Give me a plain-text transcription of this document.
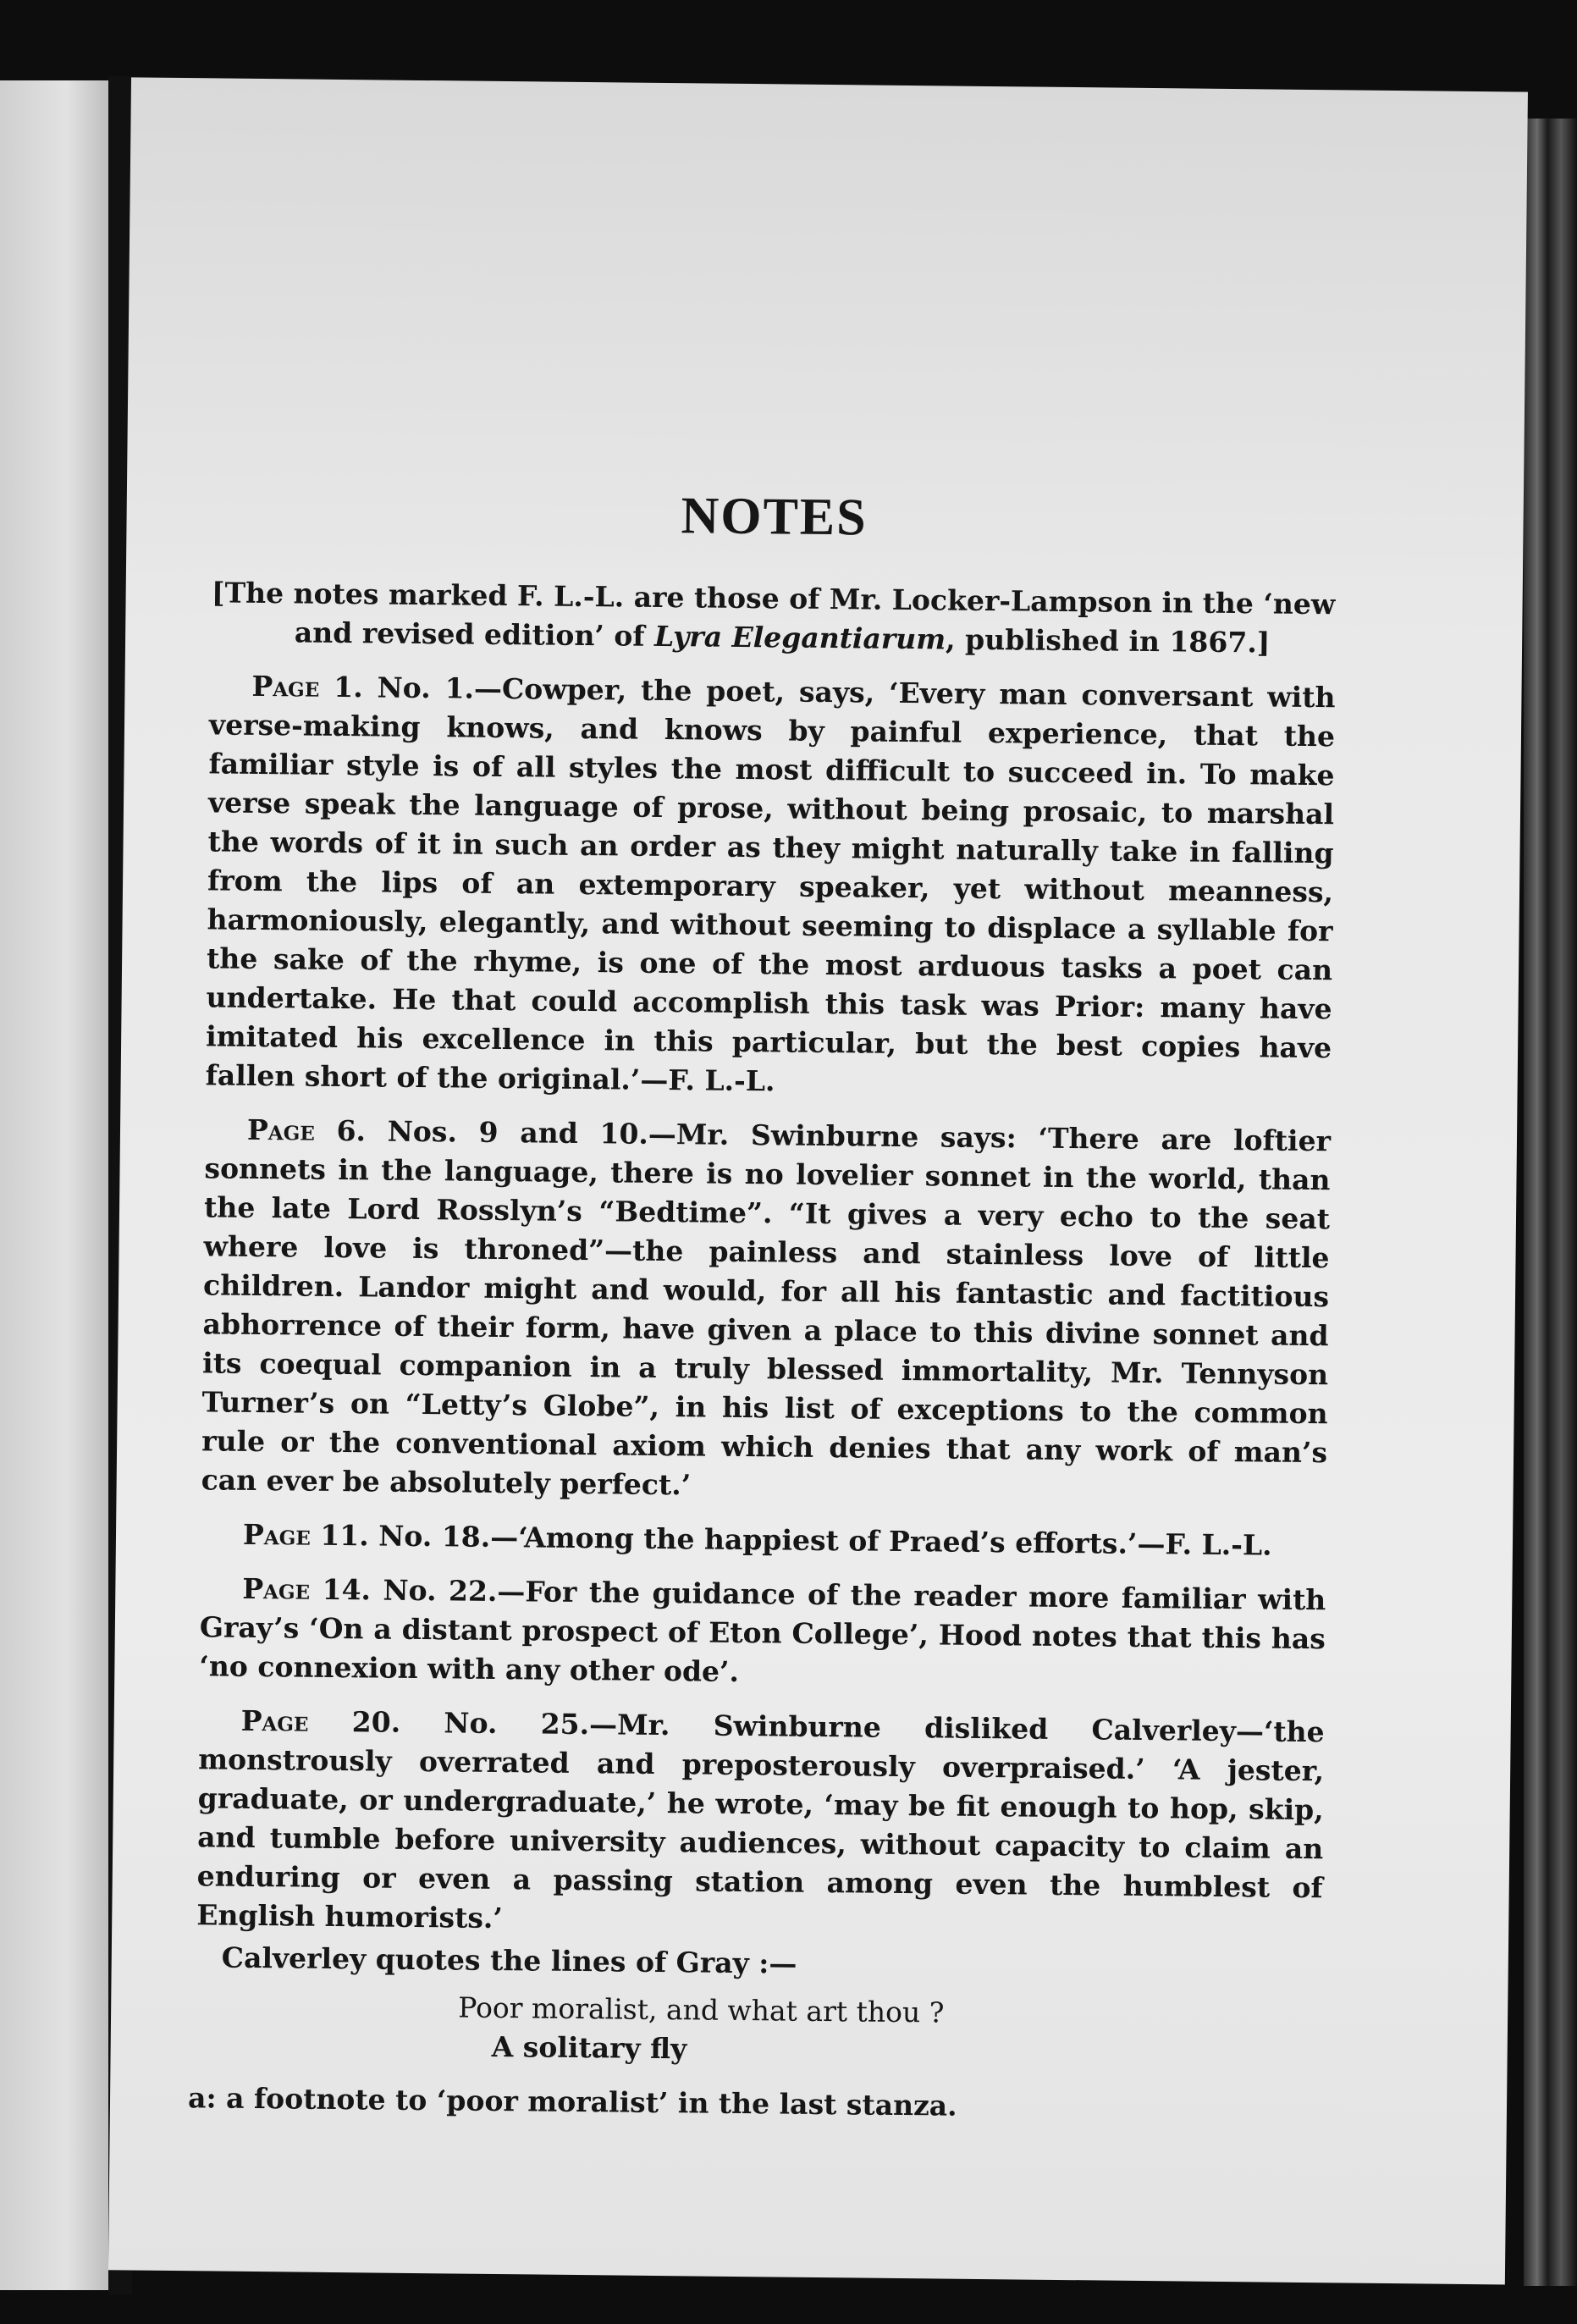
NOTES

[The notes marked F. L.-L. are those of Mr. Locker-Lampson in the ‘new and revised edition’ of Lyra Elegantiarum, published in 1867.]

Page 1. No. 1.—Cowper, the poet, says, ‘Every man conversant with verse-making knows, and knows by painful experience, that the familiar style is of all styles the most difficult to succeed in. To make verse speak the language of prose, without being prosaic, to marshal the words of it in such an order as they might naturally take in falling from the lips of an extemporary speaker, yet without meanness, harmoniously, elegantly, and without seeming to displace a syllable for the sake of the rhyme, is one of the most arduous tasks a poet can undertake. He that could accomplish this task was Prior: many have imitated his excellence in this particular, but the best copies have fallen short of the original.’—F. L.-L.

Page 6. Nos. 9 and 10.—Mr. Swinburne says: ‘There are loftier sonnets in the language, there is no lovelier sonnet in the world, than the late Lord Rosslyn’s “Bedtime”. “It gives a very echo to the seat where love is throned”—the painless and stainless love of little children. Landor might and would, for all his fantastic and factitious abhorrence of their form, have given a place to this divine sonnet and its coequal companion in a truly blessed immortality, Mr. Tennyson Turner’s on “Letty’s Globe”, in his list of exceptions to the common rule or the conventional axiom which denies that any work of man’s can ever be absolutely perfect.’

Page 11. No. 18.—‘Among the happiest of Praed’s efforts.’—F. L.-L.

Page 14. No. 22.—For the guidance of the reader more familiar with Gray’s ‘On a distant prospect of Eton College’, Hood notes that this has ‘no connexion with any other ode’.

Page 20. No. 25.—Mr. Swinburne disliked Calverley—‘the monstrously overrated and preposterously overpraised.’ ‘A jester, graduate, or undergraduate,’ he wrote, ‘may be fit enough to hop, skip, and tumble before university audiences, without capacity to claim an enduring or even a passing station among even the humblest of English humorists.’

Calverley quotes the lines of Gray :—

Poor moralist, and what art thou ?
A solitary fly

a: a footnote to ‘poor moralist’ in the last stanza.
